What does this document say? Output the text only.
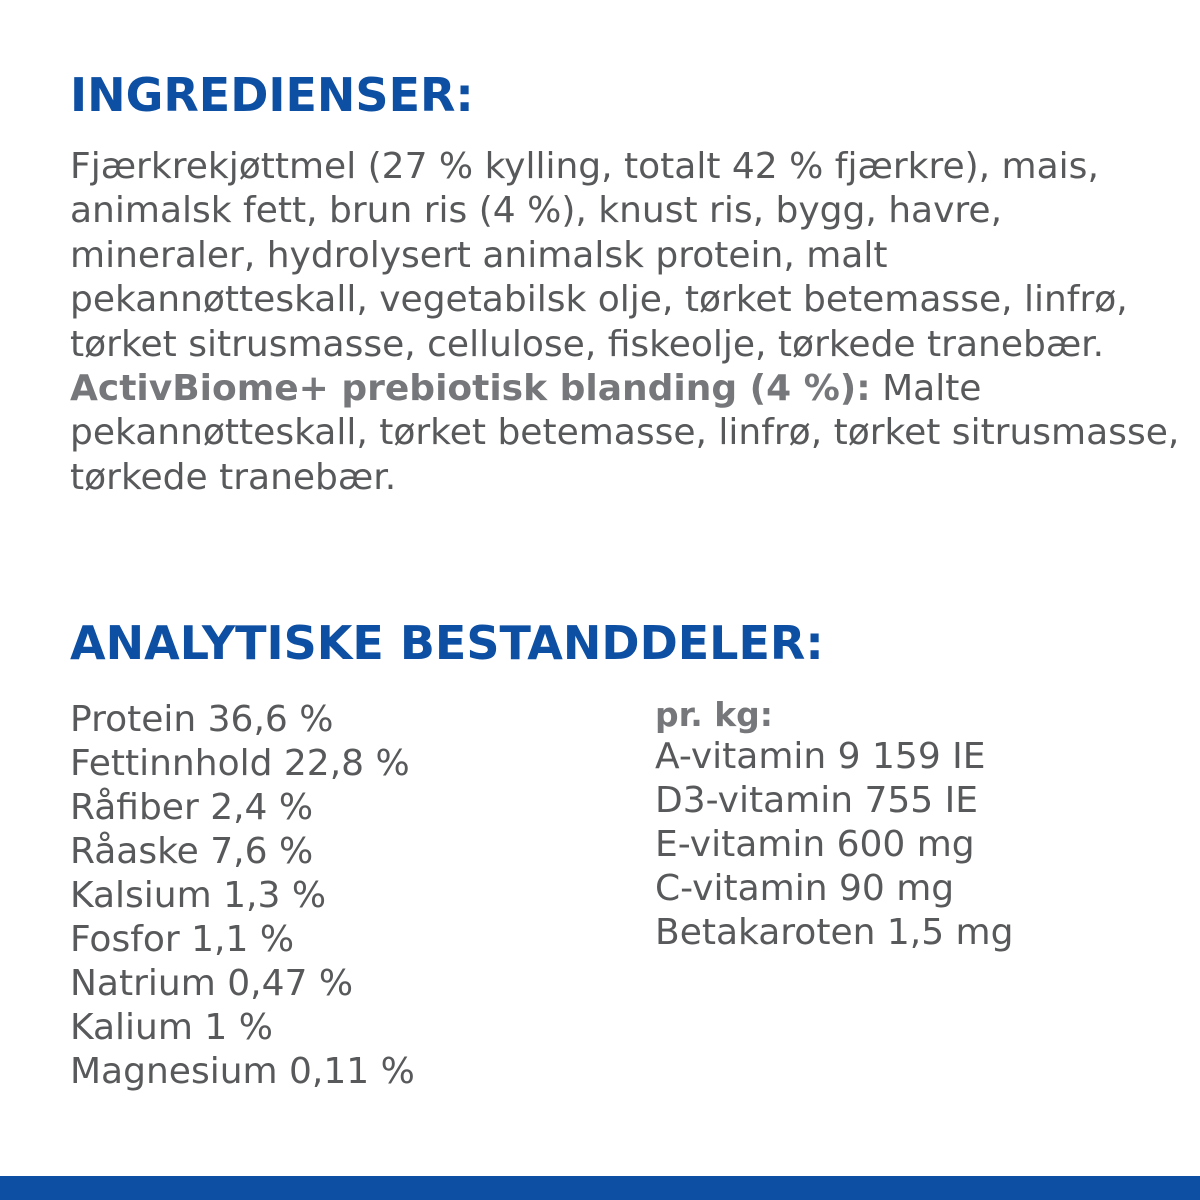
INGREDIENSER:

Fjærkrekjøttmel (27 % kylling, totalt 42 % fjærkre), mais, animalsk fett, brun ris (4 %), knust ris, bygg, havre, mineraler, hydrolysert animalsk protein, malt pekannøtteskall, vegetabilsk olje, tørket betemasse, linfrø, tørket sitrusmasse, cellulose, fiskeolje, tørkede tranebær.

ActivBiome+ prebiotisk blanding (4 %): Malte pekannøtteskall, tørket betemasse, linfrø, tørket sitrusmasse, tørkede tranebær.

ANALYTISKE BESTANDDELER:
Protein 36,6 %
Fettinnhold 22,8 %
Råfiber 2,4 %
Råaske 7,6 %
Kalsium 1,3 %
Fosfor 1,1 %
Natrium 0,47 %
Kalium 1 %
Magnesium 0,11 %
pr. kg:
A-vitamin 9 159 IE
D3-vitamin 755 IE
E-vitamin 600 mg
C-vitamin 90 mg
Betakaroten 1,5 mg
